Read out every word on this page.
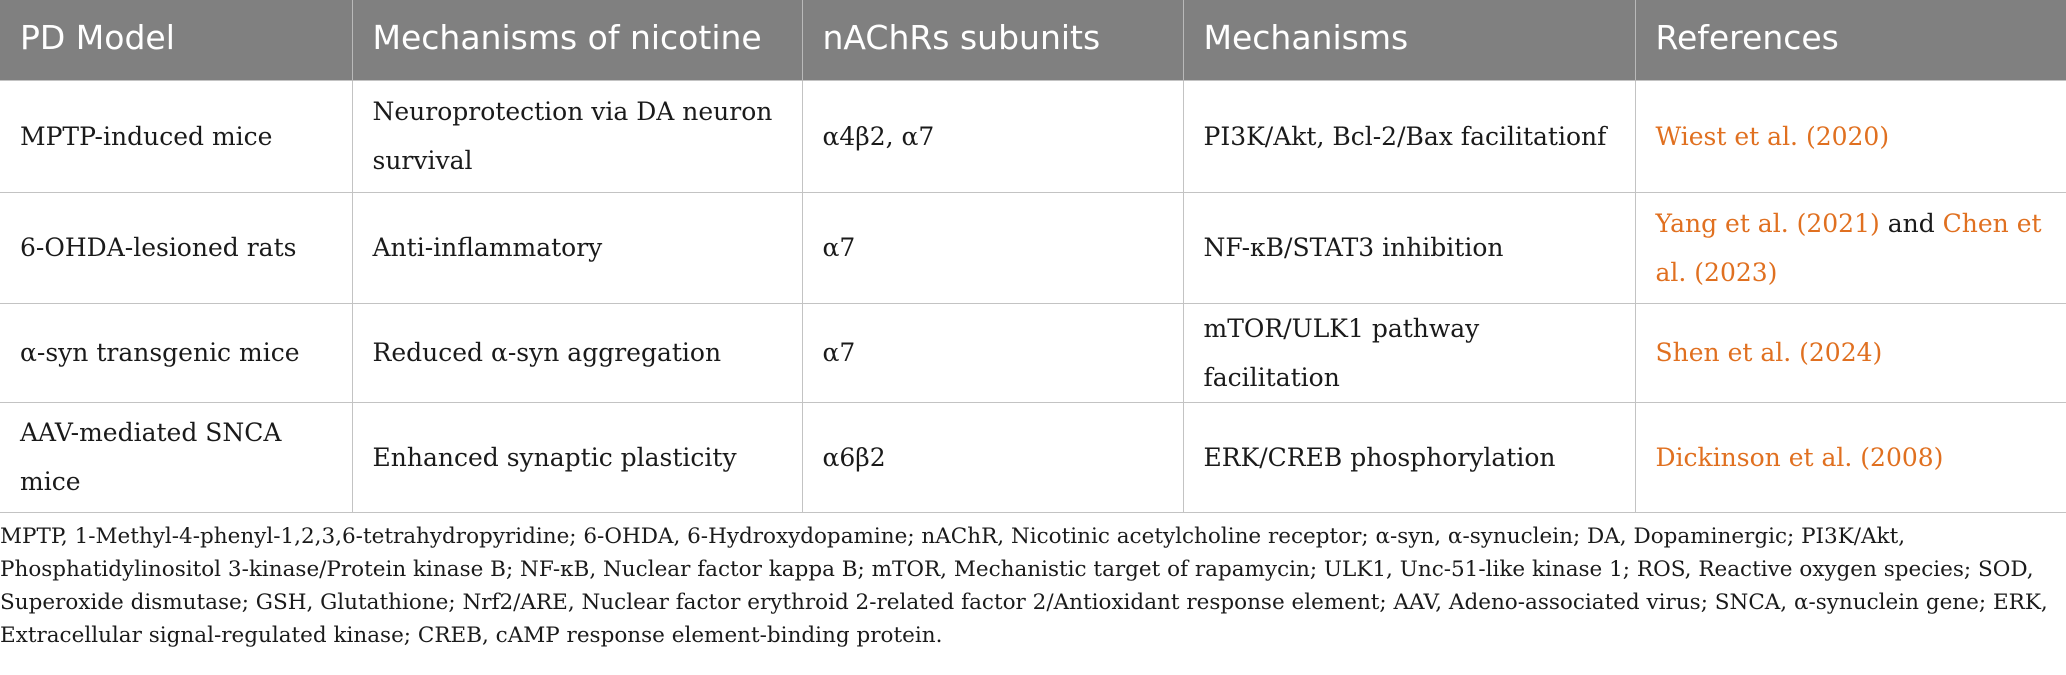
PD Model	Mechanisms of nicotine	nAChRs subunits	Mechanisms	References
MPTP-induced mice	Neuroprotection via DA neuron survival	α4β2, α7	PI3K/Akt, Bcl-2/Bax facilitationf	Wiest et al. (2020)
6-OHDA-lesioned rats	Anti-inflammatory	α7	NF-κB/STAT3 inhibition	Yang et al. (2021) and Chen et al. (2023)
α-syn transgenic mice	Reduced α-syn aggregation	α7	mTOR/ULK1 pathway facilitation	Shen et al. (2024)
AAV-mediated SNCA mice	Enhanced synaptic plasticity	α6β2	ERK/CREB phosphorylation	Dickinson et al. (2008)
MPTP, 1-Methyl-4-phenyl-1,2,3,6-tetrahydropyridine; 6-OHDA, 6-Hydroxydopamine; nAChR, Nicotinic acetylcholine receptor; α-syn, α-synuclein; DA, Dopaminergic; PI3K/Akt, Phosphatidylinositol 3-kinase/Protein kinase B; NF-κB, Nuclear factor kappa B; mTOR, Mechanistic target of rapamycin; ULK1, Unc-51-like kinase 1; ROS, Reactive oxygen species; SOD, Superoxide dismutase; GSH, Glutathione; Nrf2/ARE, Nuclear factor erythroid 2-related factor 2/Antioxidant response element; AAV, Adeno-associated virus; SNCA, α-synuclein gene; ERK, Extracellular signal-regulated kinase; CREB, cAMP response element-binding protein.
